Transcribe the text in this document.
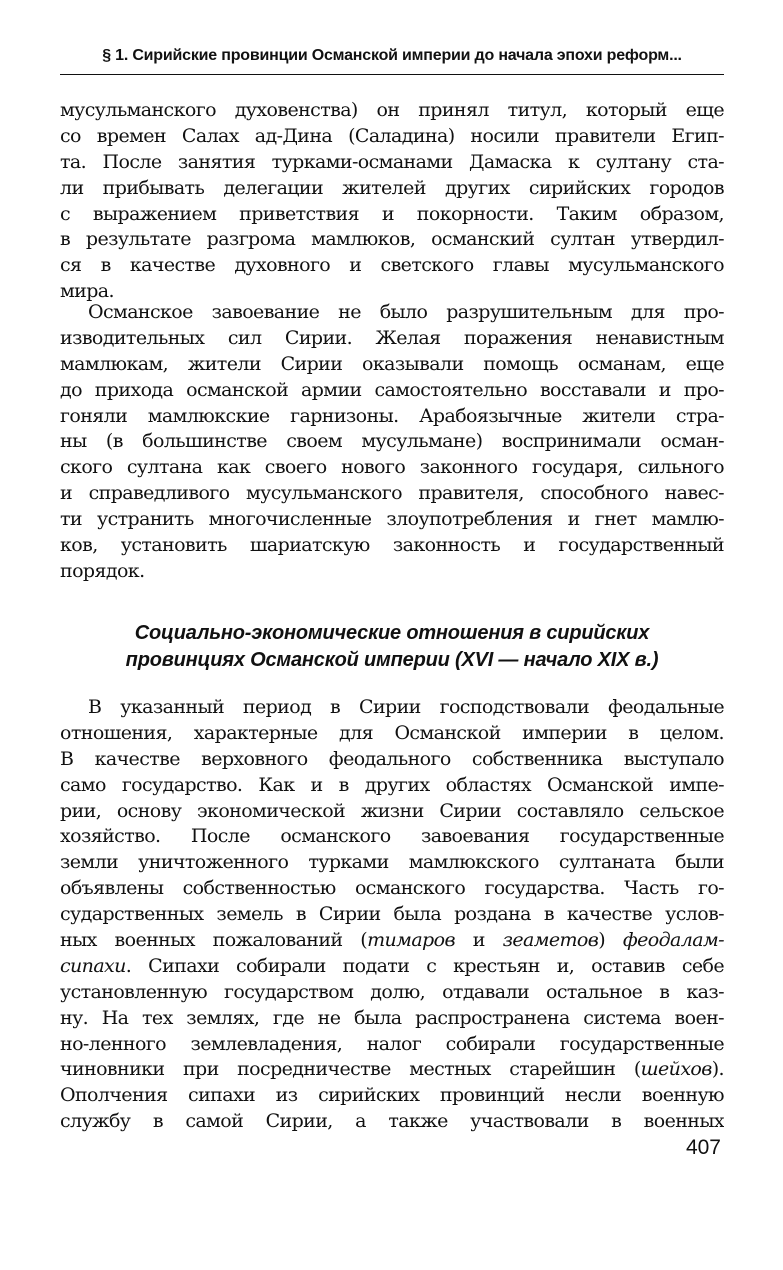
§ 1. Сирийские провинции Османской империи до начала эпохи реформ...
мусульманского духовенства) он принял титул, который еще
со времен Салах ад-Дина (Саладина) носили правители Егип-
та. После занятия турками-османами Дамаска к султану ста-
ли прибывать делегации жителей других сирийских городов
с выражением приветствия и покорности. Таким образом,
в результате разгрома мамлюков, османский султан утвердил-
ся в качестве духовного и светского главы мусульманского
мира.
Османское завоевание не было разрушительным для про-
изводительных сил Сирии. Желая поражения ненавистным
мамлюкам, жители Сирии оказывали помощь османам, еще
до прихода османской армии самостоятельно восставали и про-
гоняли мамлюкские гарнизоны. Арабоязычные жители стра-
ны (в большинстве своем мусульмане) воспринимали осман-
ского султана как своего нового законного государя, сильного
и справедливого мусульманского правителя, способного навес-
ти устранить многочисленные злоупотребления и гнет мамлю-
ков, установить шариатскую законность и государственный
порядок.
Социально-экономические отношения в сирийских
провинциях Османской империи (XVI — начало XIX в.)
В указанный период в Сирии господствовали феодальные
отношения, характерные для Османской империи в целом.
В качестве верховного феодального собственника выступало
само государство. Как и в других областях Османской импе-
рии, основу экономической жизни Сирии составляло сельское
хозяйство. После османского завоевания государственные
земли уничтоженного турками мамлюкского султаната были
объявлены собственностью османского государства. Часть го-
сударственных земель в Сирии была роздана в качестве услов-
ных военных пожалований (тимаров и зеаметов) феодалам-
сипахи. Сипахи собирали подати с крестьян и, оставив себе
установленную государством долю, отдавали остальное в каз-
ну. На тех землях, где не была распространена система воен-
но-ленного землевладения, налог собирали государственные
чиновники при посредничестве местных старейшин (шейхов).
Ополчения сипахи из сирийских провинций несли военную
службу в самой Сирии, а также участвовали в военных
407
